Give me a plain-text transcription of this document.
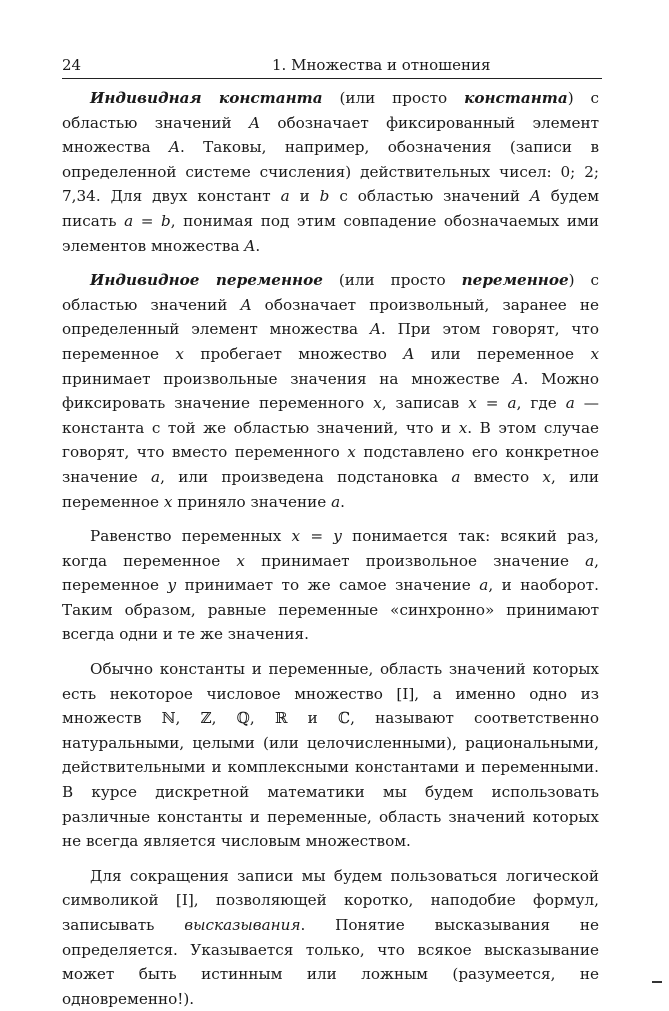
24	1. Множества и отношения

Индивидная константа (или просто константа) с областью значений A обозначает фиксированный элемент множества A. Таковы, например, обозначения (записи в определенной системе счисления) действительных чисел: 0; 2; 7,34. Для двух констант a и b с областью значений A будем писать a = b, понимая под этим совпадение обозначаемых ими элементов множества A.

Индивидное переменное (или просто переменное) с областью значений A обозначает произвольный, заранее не определенный элемент множества A. При этом говорят, что переменное x пробегает множество A или переменное x принимает произвольные значения на множестве A. Можно фиксировать значение переменного x, записав x = a, где a — константа с той же областью значений, что и x. В этом случае говорят, что вместо переменного x подставлено его конкретное значение a, или произведена подстановка a вместо x, или переменное x приняло значение a.

Равенство переменных x = y понимается так: всякий раз, когда переменное x принимает произвольное значение a, переменное y принимает то же самое значение a, и наоборот. Таким образом, равные переменные «синхронно» принимают всегда одни и те же значения.

Обычно константы и переменные, область значений которых есть некоторое числовое множество [I], а именно одно из множеств ℕ, ℤ, ℚ, ℝ и ℂ, называют соответственно натуральными, целыми (или целочисленными), рациональными, действительными и комплексными константами и переменными. В курсе дискретной математики мы будем использовать различные константы и переменные, область значений которых не всегда является числовым множеством.

Для сокращения записи мы будем пользоваться логической символикой [I], позволяющей коротко, наподобие формул, записывать высказывания. Понятие высказывания не определяется. Указывается только, что всякое высказывание может быть истинным или ложным (разумеется, не одновременно!).
